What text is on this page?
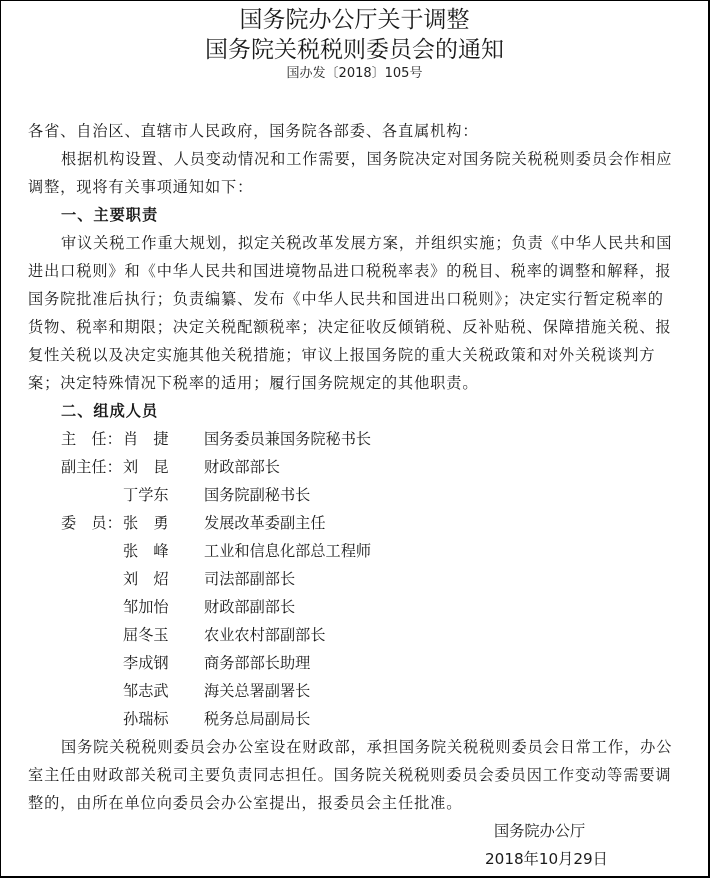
国务院办公厅关于调整
国务院关税税则委员会的通知
国办发〔2018〕105号
各省、自治区、直辖市人民政府，国务院各部委、各直属机构：
根据机构设置、人员变动情况和工作需要，国务院决定对国务院关税税则委员会作相应
调整，现将有关事项通知如下：
一、主要职责
审议关税工作重大规划，拟定关税改革发展方案，并组织实施；负责《中华人民共和国
进出口税则》和《中华人民共和国进境物品进口税税率表》的税目、税率的调整和解释，报
国务院批准后执行；负责编纂、发布《中华人民共和国进出口税则》；决定实行暂定税率的
货物、税率和期限；决定关税配额税率；决定征收反倾销税、反补贴税、保障措施关税、报
复性关税以及决定实施其他关税措施；审议上报国务院的重大关税政策和对外关税谈判方
案；决定特殊情况下税率的适用；履行国务院规定的其他职责。
二、组成人员
主　任： 肖　捷	国务委员兼国务院秘书长
副主任： 刘　昆	财政部部长
丁学东	国务院副秘书长
委　员： 张　勇	发展改革委副主任
张　峰	工业和信息化部总工程师
刘　炤	司法部副部长
邹加怡	财政部副部长
屈冬玉	农业农村部副部长
李成钢	商务部部长助理
邹志武	海关总署副署长
孙瑞标	税务总局副局长
国务院关税税则委员会办公室设在财政部，承担国务院关税税则委员会日常工作，办公
室主任由财政部关税司主要负责同志担任。国务院关税税则委员会委员因工作变动等需要调
整的，由所在单位向委员会办公室提出，报委员会主任批准。
国务院办公厅
2018年10月29日
